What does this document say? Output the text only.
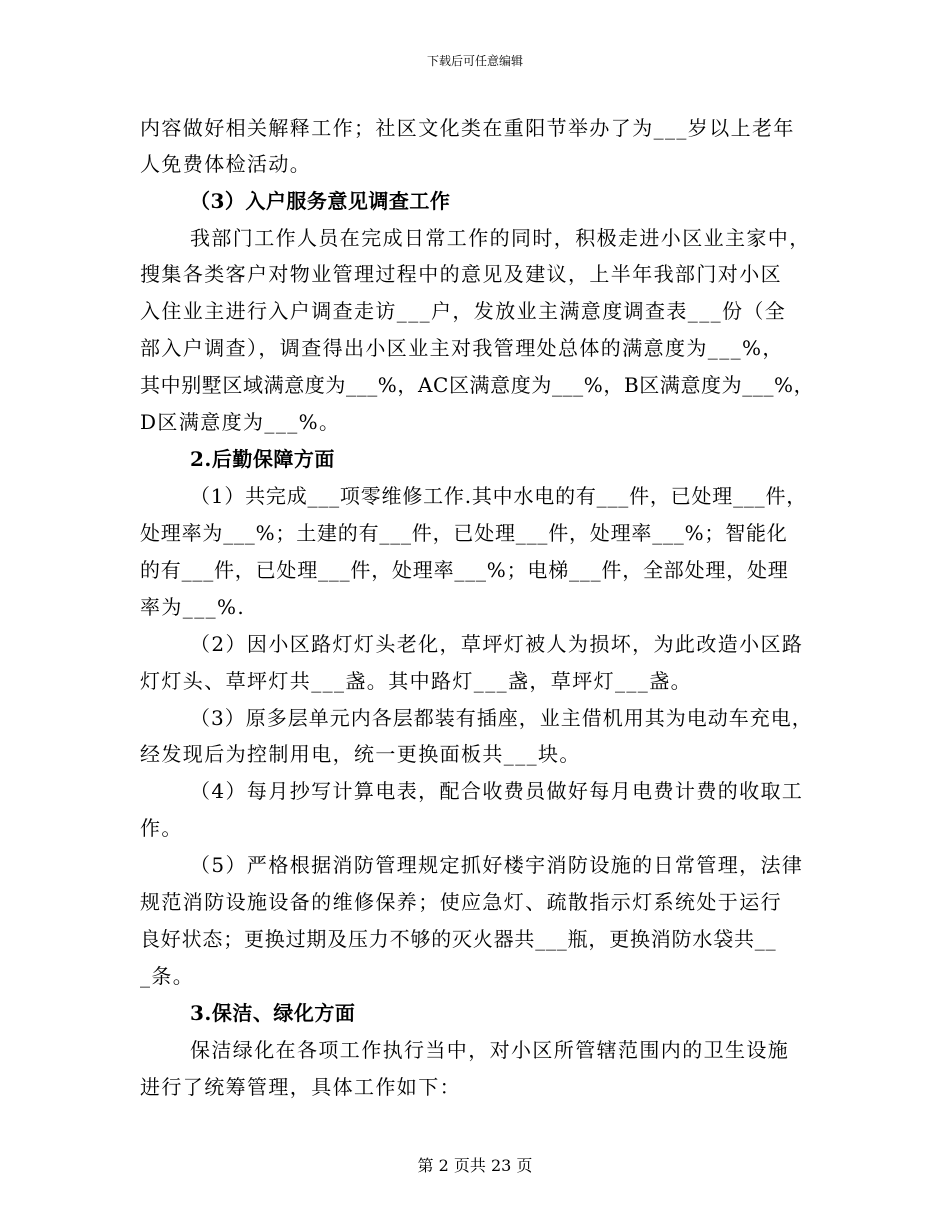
下载后可任意编辑
内容做好相关解释工作；社区文化类在重阳节举办了为___岁以上老年
人免费体检活动。
（3）入户服务意见调查工作
我部门工作人员在完成日常工作的同时，积极走进小区业主家中，
搜集各类客户对物业管理过程中的意见及建议，上半年我部门对小区
入住业主进行入户调查走访___户，发放业主满意度调查表___份（全
部入户调查），调查得出小区业主对我管理处总体的满意度为___%，
其中别墅区域满意度为___%，AC区满意度为___%，B区满意度为___%，
D区满意度为___%。
2.后勤保障方面
（1）共完成___项零维修工作.其中水电的有___件，已处理___件，
处理率为___%；土建的有___件，已处理___件，处理率___%；智能化
的有___件，已处理___件，处理率___%；电梯___件，全部处理，处理
率为___%.
（2）因小区路灯灯头老化，草坪灯被人为损坏，为此改造小区路
灯灯头、草坪灯共___盏。其中路灯___盏，草坪灯___盏。
（3）原多层单元内各层都装有插座，业主借机用其为电动车充电，
经发现后为控制用电，统一更换面板共___块。
（4）每月抄写计算电表，配合收费员做好每月电费计费的收取工
作。
（5）严格根据消防管理规定抓好楼宇消防设施的日常管理，法律
规范消防设施设备的维修保养；使应急灯、疏散指示灯系统处于运行
良好状态；更换过期及压力不够的灭火器共___瓶，更换消防水袋共__
_条。
3.保洁、绿化方面
保洁绿化在各项工作执行当中，对小区所管辖范围内的卫生设施
进行了统筹管理，具体工作如下：
第 2 页共 23 页
